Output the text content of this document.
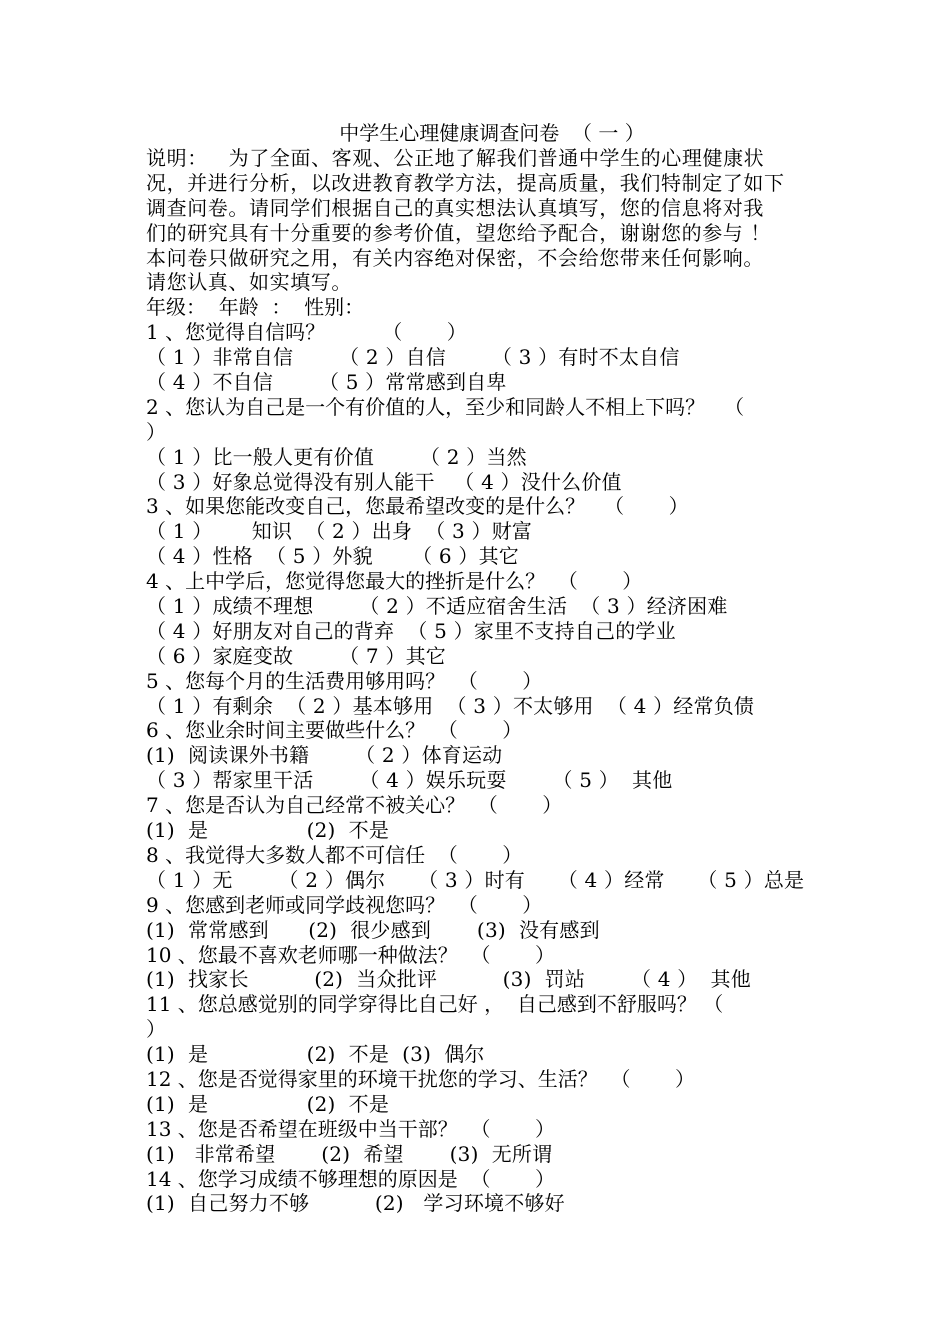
中学生心理健康调查问卷  （ 一 ）
说明：   为了全面、客观、公正地了解我们普通中学生的心理健康状
况，并进行分析，以改进教育教学方法，提高质量，我们特制定了如下
调查问卷。请同学们根据自己的真实想法认真填写，您的信息将对我
们的研究具有十分重要的参考价值，望您给予配合，谢谢您的参与 ！
本问卷只做研究之用，有关内容绝对保密，不会给您带来任何影响。
请您认真、如实填写。
年级：  年龄  ：  性别：
1 、您觉得自信吗？         （       ）
（ 1 ）非常自信       （ 2 ）自信       （ 3 ）有时不太自信
（ 4 ）不自信       （ 5 ）常常感到自卑
2 、您认为自己是一个有价值的人，至少和同龄人不相上下吗？   （
）
（ 1 ）比一般人更有价值       （ 2 ）当然
（ 3 ）好象总觉得没有别人能干   （ 4 ）没什么价值
3 、如果您能改变自己，您最希望改变的是什么？   （       ）
（ 1 ）      知识  （ 2 ）出身  （ 3 ）财富
（ 4 ）性格  （ 5 ）外貌      （ 6 ）其它
4 、上中学后，您觉得您最大的挫折是什么？  （       ）
（ 1 ）成绩不理想       （ 2 ）不适应宿舍生活  （ 3 ）经济困难
（ 4 ）好朋友对自己的背弃  （ 5 ）家里不支持自己的学业
（ 6 ）家庭变故       （ 7 ）其它
5 、您每个月的生活费用够用吗？  （       ）
（ 1 ）有剩余  （ 2 ）基本够用  （ 3 ）不太够用  （ 4 ）经常负债
6 、您业余时间主要做些什么？  （       ）
(1)  阅读课外书籍       （ 2 ）体育运动
（ 3 ）帮家里干活       （ 4 ）娱乐玩耍       （ 5 ）  其他
7 、您是否认为自己经常不被关心？  （       ）
(1)  是               (2)  不是
8 、我觉得大多数人都不可信任  （       ）
（ 1 ）无       （ 2 ）偶尔     （ 3 ）时有     （ 4 ）经常     （ 5 ）总是
9 、您感到老师或同学歧视您吗？  （       ）
(1)  常常感到      (2)  很少感到       (3)  没有感到
10 、您最不喜欢老师哪一种做法？  （       ）
(1)  找家长          (2)  当众批评          (3)  罚站       （ 4 ）  其他
11 、您总感觉别的同学穿得比自己好 ，  自己感到不舒服吗？ （
）
(1)  是               (2)  不是  (3)  偶尔
12 、您是否觉得家里的环境干扰您的学习、生活？  （       ）
(1)  是               (2)  不是
13 、您是否希望在班级中当干部？  （       ）
(1)   非常希望       (2)  希望       (3)  无所谓
14 、您学习成绩不够理想的原因是  （       ）
(1)  自己努力不够          (2)   学习环境不够好
